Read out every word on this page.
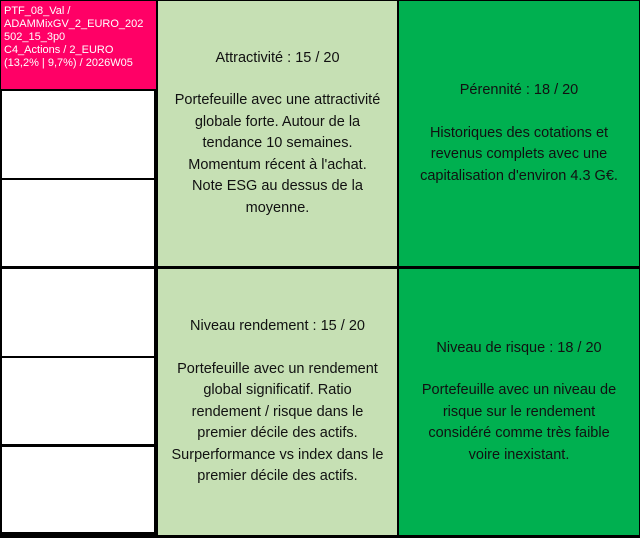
PTF_08_Val /
ADAMMixGV_2_EURO_202
502_15_3p0
C4_Actions / 2_EURO
(13,2% | 9,7%) / 2026W05	Attractivité : 15 / 20
Portefeuille avec une attractivité
globale forte. Autour de la
tendance 10 semaines.
Momentum récent à l'achat.
Note ESG au dessus de la
moyenne.
Pérennité : 18 / 20
Historiques des cotations et
revenus complets avec une
capitalisation d'environ 4.3 G€.
Niveau rendement : 15 / 20
Portefeuille avec un rendement
global significatif. Ratio
rendement / risque dans le
premier décile des actifs.
Surperformance vs index dans le
premier décile des actifs.
Niveau de risque : 18 / 20
Portefeuille avec un niveau de
risque sur le rendement
considéré comme très faible
voire inexistant.
